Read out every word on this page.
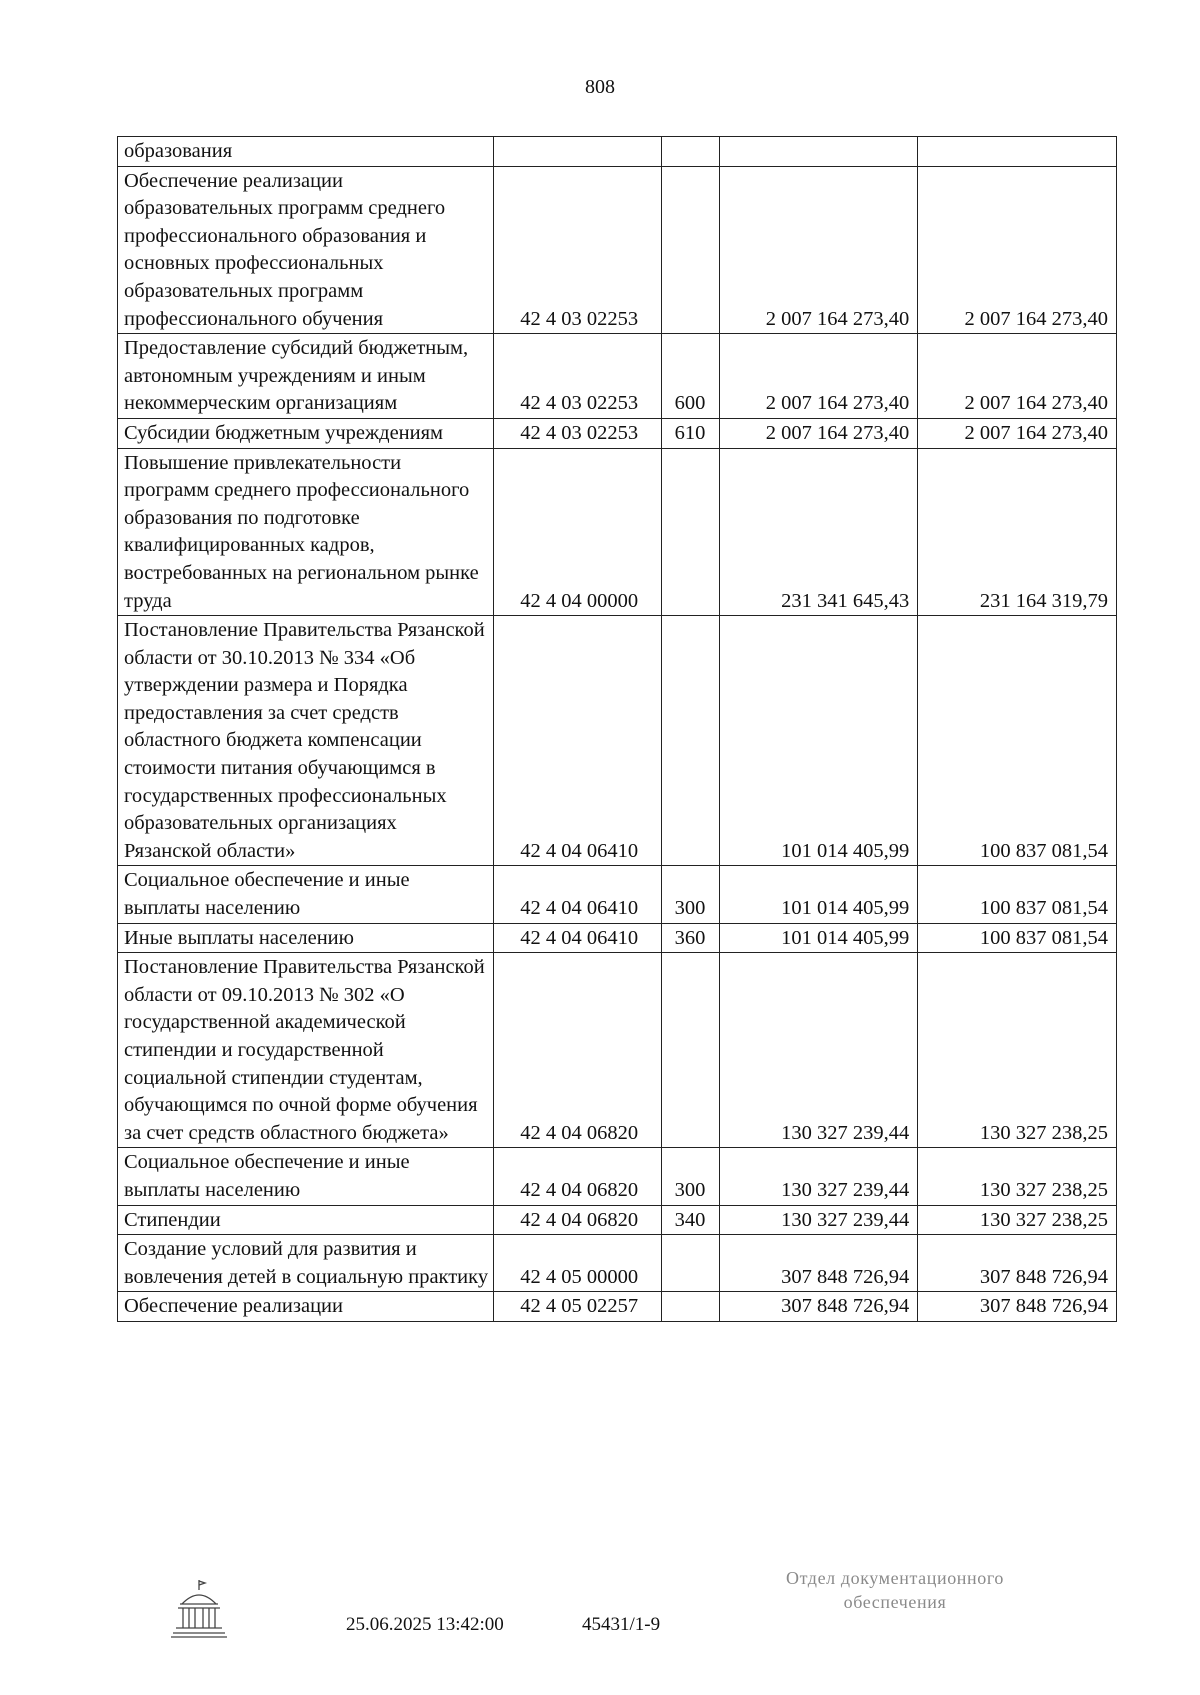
808
образования				
Обеспечение реализации образовательных программ среднего профессионального образования и основных профессиональных образовательных программ профессионального обучения	42 4 03 02253		2 007 164 273,40	2 007 164 273,40
Предоставление субсидий бюджетным, автономным учреждениям и иным некоммерческим организациям	42 4 03 02253	600	2 007 164 273,40	2 007 164 273,40
Субсидии бюджетным учреждениям	42 4 03 02253	610	2 007 164 273,40	2 007 164 273,40
Повышение привлекательности программ среднего профессионального образования по подготовке квалифицированных кадров, востребованных на региональном рынке труда	42 4 04 00000		231 341 645,43	231 164 319,79
Постановление Правительства Рязанской области от 30.10.2013 № 334 «Об утверждении размера и Порядка предоставления за счет средств областного бюджета компенсации стоимости питания обучающимся в государственных профессиональных образовательных организациях Рязанской области»	42 4 04 06410		101 014 405,99	100 837 081,54
Социальное обеспечение и иные выплаты населению	42 4 04 06410	300	101 014 405,99	100 837 081,54
Иные выплаты населению	42 4 04 06410	360	101 014 405,99	100 837 081,54
Постановление Правительства Рязанской области от 09.10.2013 № 302 «О государственной академической стипендии и государственной социальной стипендии студентам, обучающимся по очной форме обучения за счет средств областного бюджета»	42 4 04 06820		130 327 239,44	130 327 238,25
Социальное обеспечение и иные выплаты населению	42 4 04 06820	300	130 327 239,44	130 327 238,25
Стипендии	42 4 04 06820	340	130 327 239,44	130 327 238,25
Создание условий для развития и вовлечения детей в социальную практику	42 4 05 00000		307 848 726,94	307 848 726,94
Обеспечение реализации	42 4 05 02257		307 848 726,94	307 848 726,94
25.06.2025 13:42:00	45431/1-9
Отдел документационного
обеспечения
